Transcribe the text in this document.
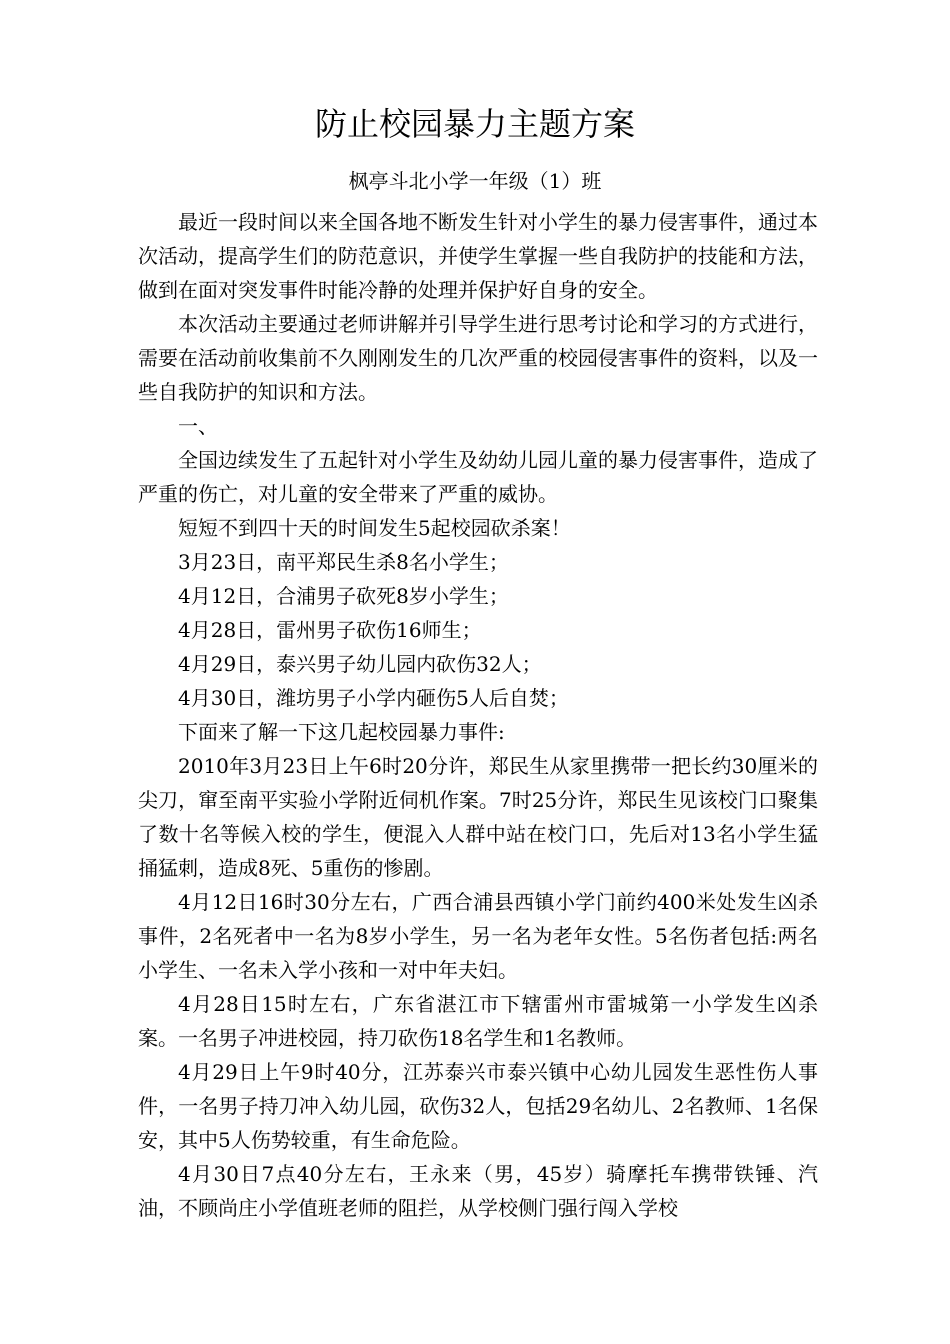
防止校园暴力主题方案
枫亭斗北小学一年级（1）班

最近一段时间以来全国各地不断发生针对小学生的暴力侵害事件，通过本次活动，提高学生们的防范意识，并使学生掌握一些自我防护的技能和方法，做到在面对突发事件时能冷静的处理并保护好自身的安全。

本次活动主要通过老师讲解并引导学生进行思考讨论和学习的方式进行，需要在活动前收集前不久刚刚发生的几次严重的校园侵害事件的资料，以及一些自我防护的知识和方法。

一、

全国边续发生了五起针对小学生及幼幼儿园儿童的暴力侵害事件，造成了严重的伤亡，对儿童的安全带来了严重的威协。

短短不到四十天的时间发生5起校园砍杀案！

3月23日，南平郑民生杀8名小学生；

4月12日，合浦男子砍死8岁小学生；

4月28日，雷州男子砍伤16师生；

4月29日，泰兴男子幼儿园内砍伤32人；

4月30日，潍坊男子小学内砸伤5人后自焚；

下面来了解一下这几起校园暴力事件:

2010年3月23日上午6时20分许，郑民生从家里携带一把长约30厘米的尖刀，窜至南平实验小学附近伺机作案。7时25分许，郑民生见该校门口聚集了数十名等候入校的学生，便混入人群中站在校门口，先后对13名小学生猛捅猛刺，造成8死、5重伤的惨剧。

4月12日16时30分左右，广西合浦县西镇小学门前约400米处发生凶杀事件，2名死者中一名为8岁小学生，另一名为老年女性。5名伤者包括:两名小学生、一名未入学小孩和一对中年夫妇。

4月28日15时左右，广东省湛江市下辖雷州市雷城第一小学发生凶杀案。一名男子冲进校园，持刀砍伤18名学生和1名教师。

4月29日上午9时40分，江苏泰兴市泰兴镇中心幼儿园发生恶性伤人事件，一名男子持刀冲入幼儿园，砍伤32人，包括29名幼儿、2名教师、1名保安，其中5人伤势较重，有生命危险。

4月30日7点40分左右，王永来（男，45岁）骑摩托车携带铁锤、汽油，不顾尚庄小学值班老师的阻拦，从学校侧门强行闯入学校
